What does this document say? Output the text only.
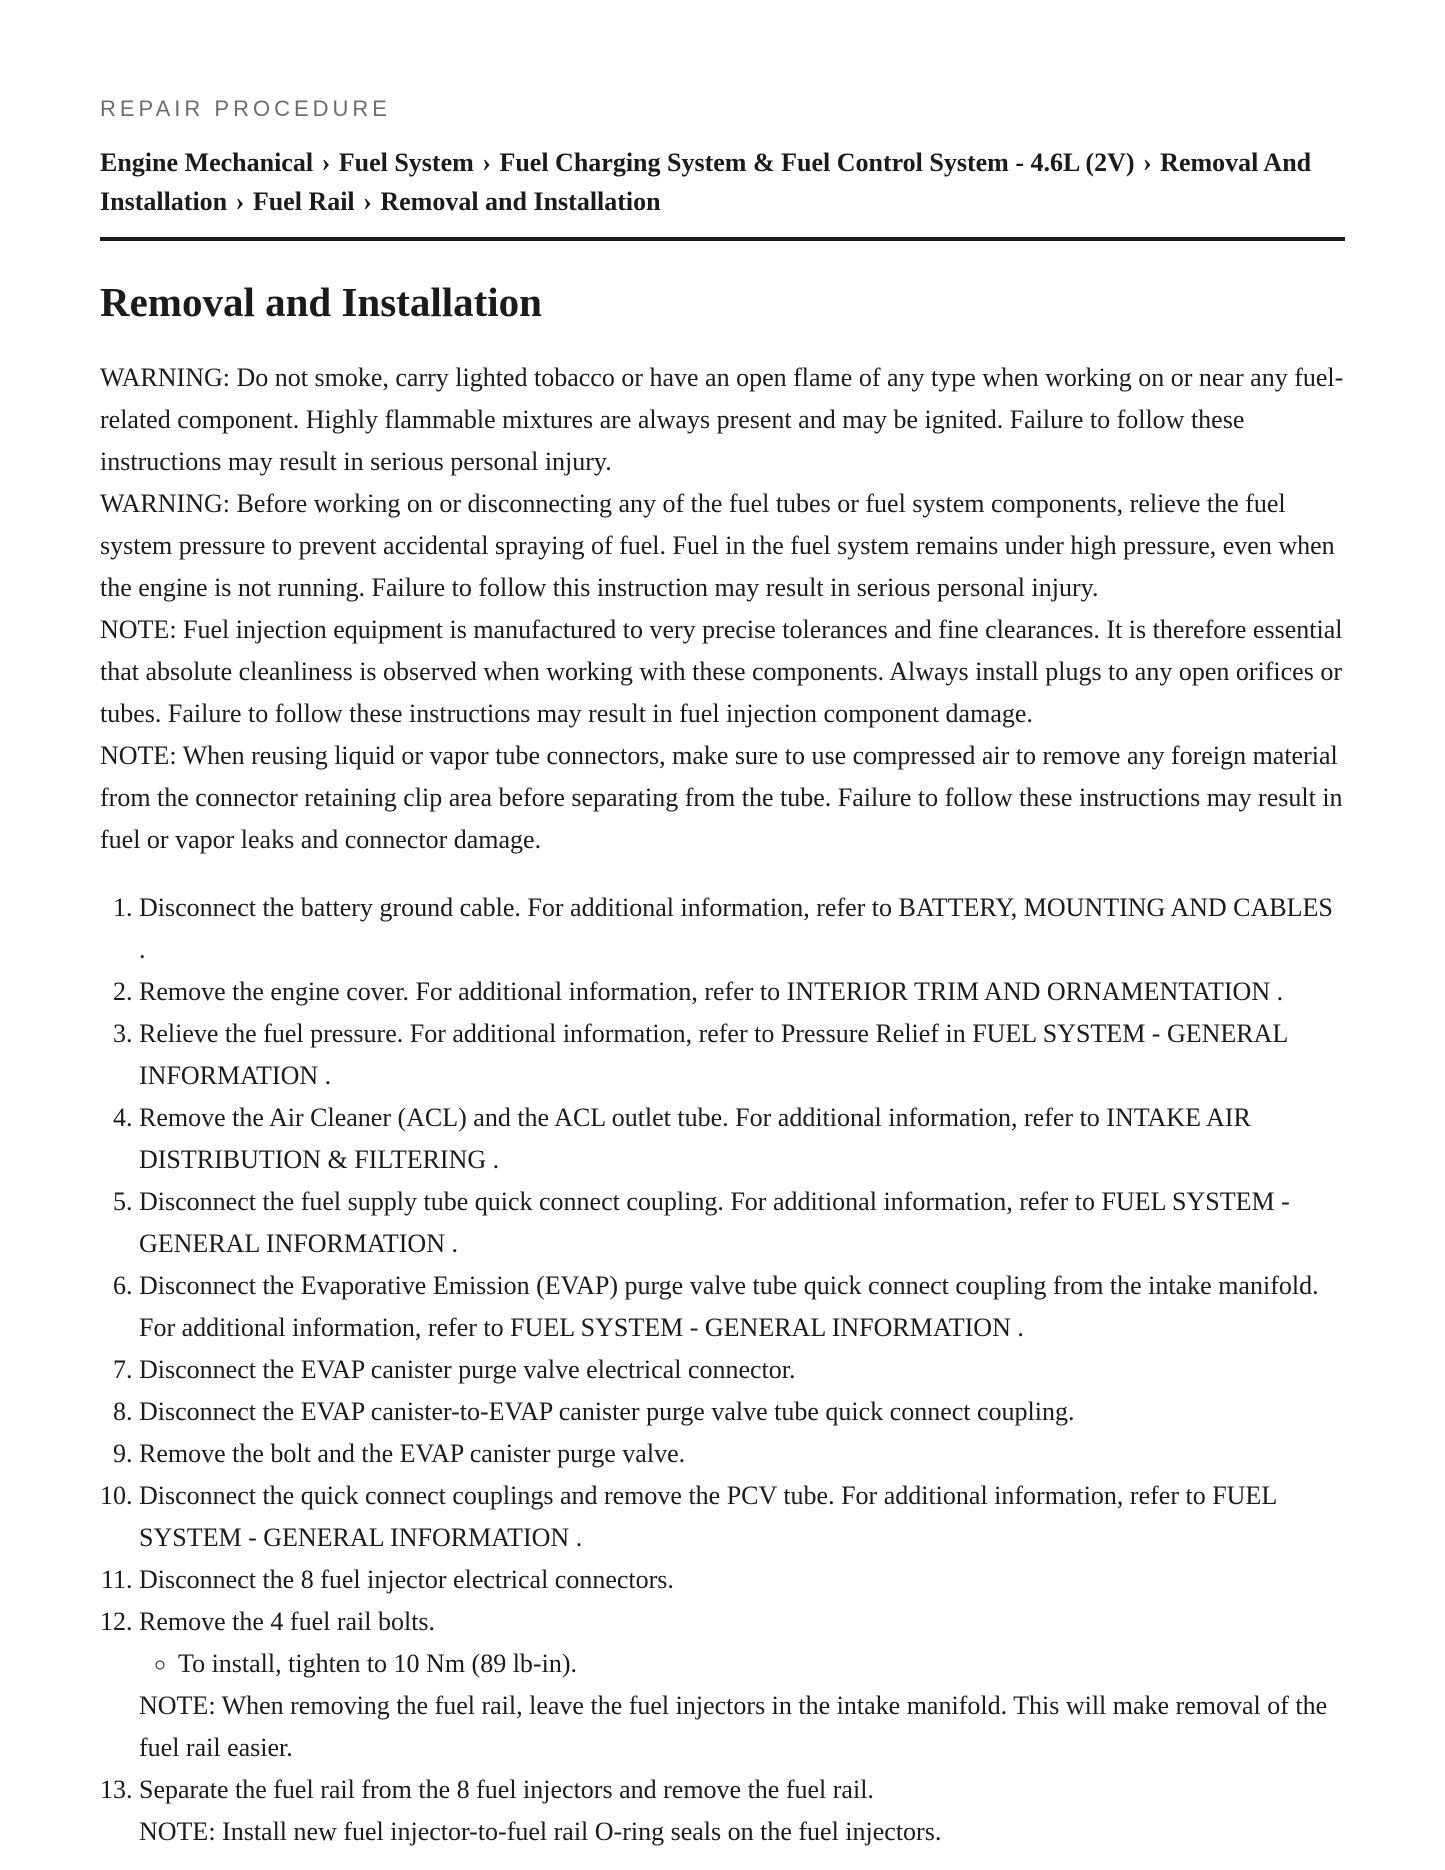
REPAIR PROCEDURE
Engine Mechanical › Fuel System › Fuel Charging System & Fuel Control System - 4.6L (2V) › Removal And Installation › Fuel Rail › Removal and Installation
Removal and Installation

WARNING: Do not smoke, carry lighted tobacco or have an open flame of any type when working on or near any fuel-related component. Highly flammable mixtures are always present and may be ignited. Failure to follow these instructions may result in serious personal injury.

WARNING: Before working on or disconnecting any of the fuel tubes or fuel system components, relieve the fuel system pressure to prevent accidental spraying of fuel. Fuel in the fuel system remains under high pressure, even when the engine is not running. Failure to follow this instruction may result in serious personal injury.

NOTE: Fuel injection equipment is manufactured to very precise tolerances and fine clearances. It is therefore essential that absolute cleanliness is observed when working with these components. Always install plugs to any open orifices or tubes. Failure to follow these instructions may result in fuel injection component damage.

NOTE: When reusing liquid or vapor tube connectors, make sure to use compressed air to remove any foreign material from the connector retaining clip area before separating from the tube. Failure to follow these instructions may result in fuel or vapor leaks and connector damage.

1. Disconnect the battery ground cable. For additional information, refer to BATTERY, MOUNTING AND CABLES .
2. Remove the engine cover. For additional information, refer to INTERIOR TRIM AND ORNAMENTATION .
3. Relieve the fuel pressure. For additional information, refer to Pressure Relief in FUEL SYSTEM - GENERAL INFORMATION .
4. Remove the Air Cleaner (ACL) and the ACL outlet tube. For additional information, refer to INTAKE AIR DISTRIBUTION & FILTERING .
5. Disconnect the fuel supply tube quick connect coupling. For additional information, refer to FUEL SYSTEM - GENERAL INFORMATION .
6. Disconnect the Evaporative Emission (EVAP) purge valve tube quick connect coupling from the intake manifold. For additional information, refer to FUEL SYSTEM - GENERAL INFORMATION .
7. Disconnect the EVAP canister purge valve electrical connector.
8. Disconnect the EVAP canister-to-EVAP canister purge valve tube quick connect coupling.
9. Remove the bolt and the EVAP canister purge valve.
10. Disconnect the quick connect couplings and remove the PCV tube. For additional information, refer to FUEL SYSTEM - GENERAL INFORMATION .
11. Disconnect the 8 fuel injector electrical connectors.
12. Remove the 4 fuel rail bolts.
◦ To install, tighten to 10 Nm (89 lb-in).
NOTE: When removing the fuel rail, leave the fuel injectors in the intake manifold. This will make removal of the fuel rail easier.
13. Separate the fuel rail from the 8 fuel injectors and remove the fuel rail.
NOTE: Install new fuel injector-to-fuel rail O-ring seals on the fuel injectors.
